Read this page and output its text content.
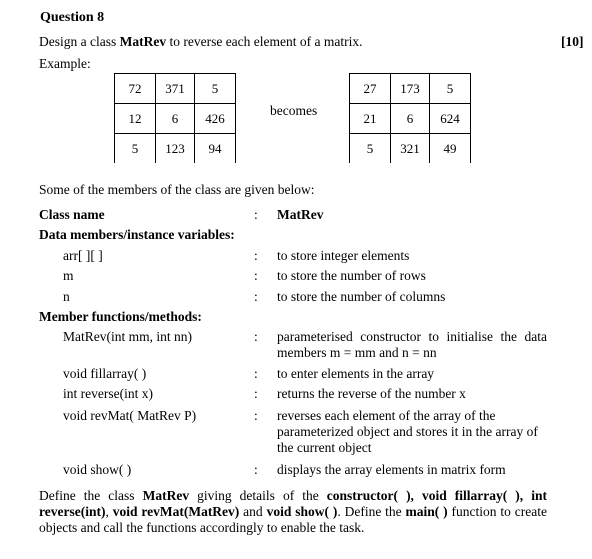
Question 8
Design a class MatRev to reverse each element of a matrix.	[10]
Example:
72	371	5
12	6	426
5	123	94
becomes
27	173	5
21	6	624
5	321	49
Some of the members of the class are given below:
Class name	: MatRev
Data members/instance variables:
arr[ ][ ]	: to store integer elements
m	: to store the number of rows
n	: to store the number of columns
Member functions/methods:
MatRev(int mm, int nn)	: parameterised constructor to initialise the data
members m = mm and n = nn
void fillarray( )	: to enter elements in the array
int reverse(int x)	: returns the reverse of the number x
void revMat( MatRev P)	: reverses each element of the array of the parameterized object and stores it in the array of the current object
void show( )	: displays the array elements in matrix form
Define the class MatRev giving details of the constructor( ), void fillarray( ), int reverse(int), void revMat(MatRev) and void show( ). Define the main( ) function to create objects and call the functions accordingly to enable the task.
